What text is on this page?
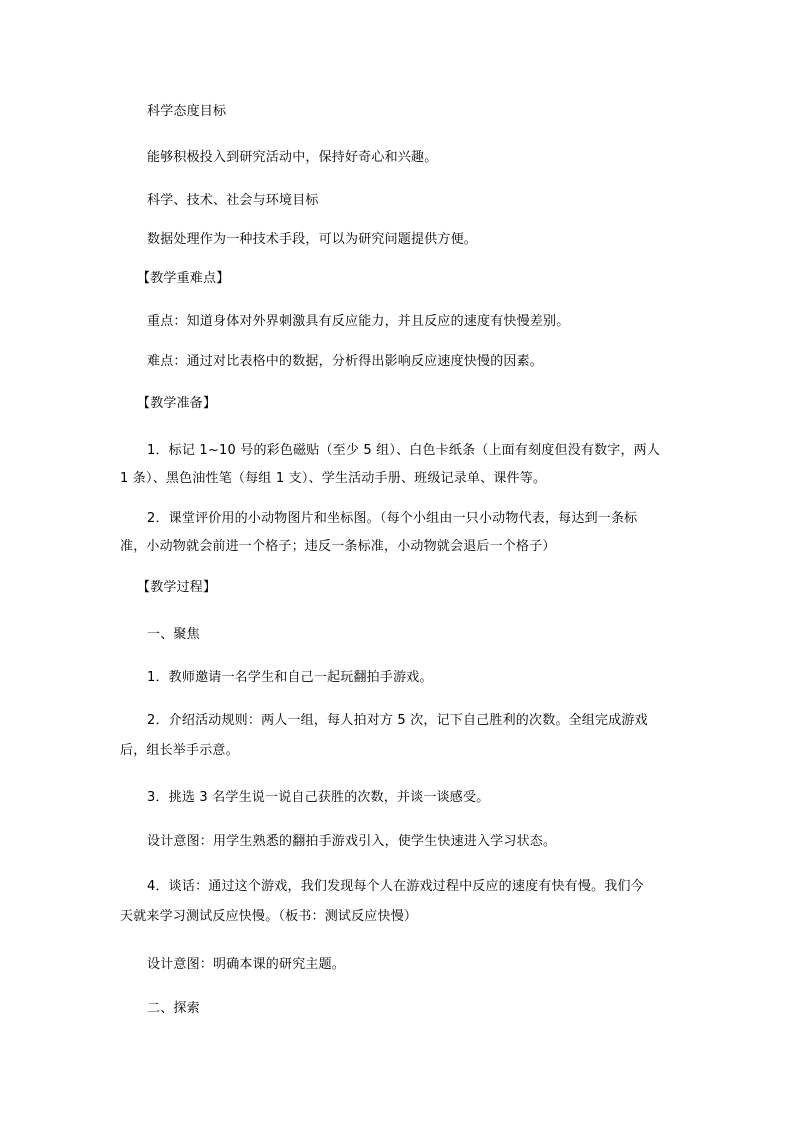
科学态度目标
能够积极投入到研究活动中，保持好奇心和兴趣。
科学、技术、社会与环境目标
数据处理作为一种技术手段，可以为研究问题提供方便。
【教学重难点】
重点：知道身体对外界刺激具有反应能力，并且反应的速度有快慢差别。
难点：通过对比表格中的数据，分析得出影响反应速度快慢的因素。
【教学准备】
1．标记 1~10 号的彩色磁贴（至少 5 组）、白色卡纸条（上面有刻度但没有数字，两人
1 条）、黑色油性笔（每组 1 支）、学生活动手册、班级记录单、课件等。
2．课堂评价用的小动物图片和坐标图。（每个小组由一只小动物代表，每达到一条标
准，小动物就会前进一个格子；违反一条标准，小动物就会退后一个格子）
【教学过程】
一、聚焦
1．教师邀请一名学生和自己一起玩翻拍手游戏。
2．介绍活动规则：两人一组，每人拍对方 5 次，记下自己胜利的次数。全组完成游戏
后，组长举手示意。
3．挑选 3 名学生说一说自己获胜的次数，并谈一谈感受。
设计意图：用学生熟悉的翻拍手游戏引入，使学生快速进入学习状态。
4．谈话：通过这个游戏，我们发现每个人在游戏过程中反应的速度有快有慢。我们今
天就来学习测试反应快慢。（板书：测试反应快慢）
设计意图：明确本课的研究主题。
二、探索
